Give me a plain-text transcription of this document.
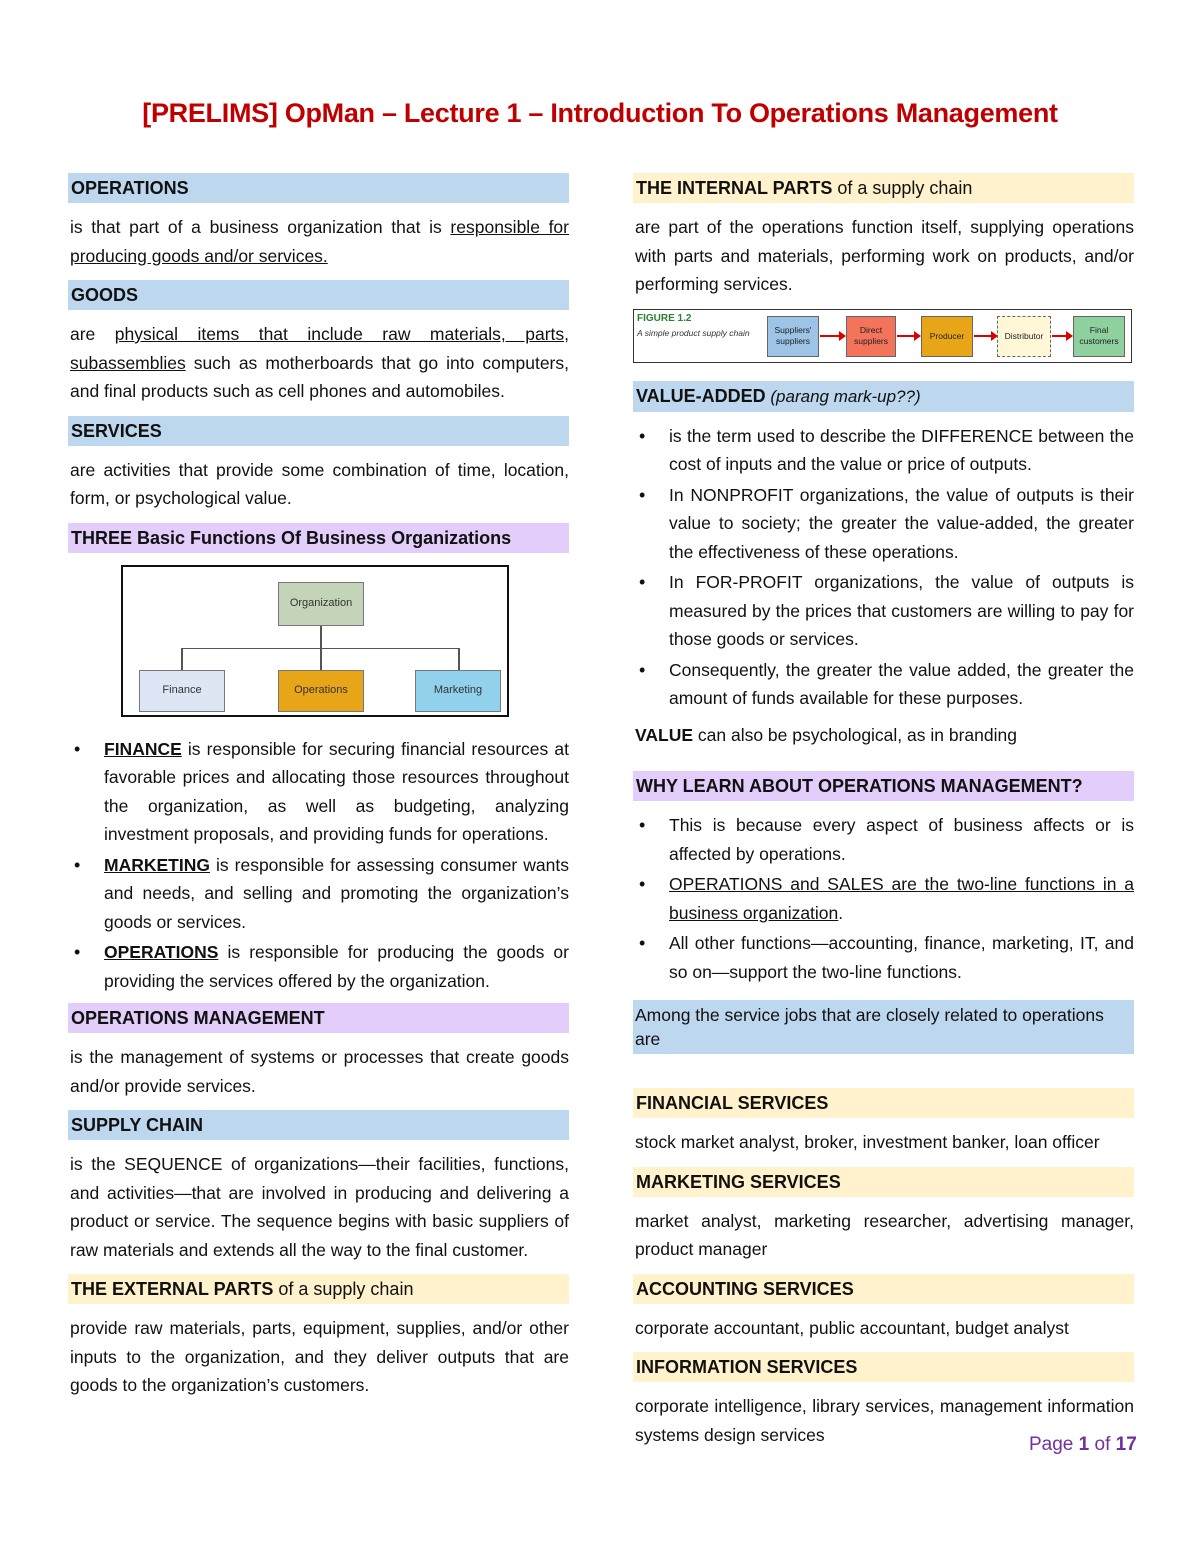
[PRELIMS] OpMan – Lecture 1 – Introduction To Operations Management
OPERATIONS

is that part of a business organization that is responsible for producing goods and/or services.

GOODS

are physical items that include raw materials, parts, subassemblies such as motherboards that go into computers, and final products such as cell phones and automobiles.

SERVICES

are activities that provide some combination of time, location, form, or psychological value.

THREE Basic Functions Of Business Organizations
Organization
Finance	Operations	Marketing
• FINANCE is responsible for securing financial resources at favorable prices and allocating those resources throughout the organization, as well as budgeting, analyzing investment proposals, and providing funds for operations.
• MARKETING is responsible for assessing consumer wants and needs, and selling and promoting the organization’s goods or services.
• OPERATIONS is responsible for producing the goods or providing the services offered by the organization.
OPERATIONS MANAGEMENT

is the management of systems or processes that create goods and/or provide services.

SUPPLY CHAIN

is the SEQUENCE of organizations—their facilities, functions, and activities—that are involved in producing and delivering a product or service. The sequence begins with basic suppliers of raw materials and extends all the way to the final customer.

THE EXTERNAL PARTS of a supply chain

provide raw materials, parts, equipment, supplies, and/or other inputs to the organization, and they deliver outputs that are goods to the organization’s customers.

THE INTERNAL PARTS of a supply chain

are part of the operations function itself, supplying operations with parts and materials, performing work on products, and/or performing services.

FIGURE 1.2
A simple product supply chain	Suppliers' suppliers
Direct suppliers
Producer	Distributor
Final customers
VALUE-ADDED (parang mark-up??)
• is the term used to describe the DIFFERENCE between the cost of inputs and the value or price of outputs.
• In NONPROFIT organizations, the value of outputs is their value to society; the greater the value-added, the greater the effectiveness of these operations.
• In FOR-PROFIT organizations, the value of outputs is measured by the prices that customers are willing to pay for those goods or services.
• Consequently, the greater the value added, the greater the amount of funds available for these purposes.

VALUE can also be psychological, as in branding

WHY LEARN ABOUT OPERATIONS MANAGEMENT?
• This is because every aspect of business affects or is affected by operations.
• OPERATIONS and SALES are the two-line functions in a business organization.
• All other functions—accounting, finance, marketing, IT, and so on—support the two-line functions.
Among the service jobs that are closely related to operations are
FINANCIAL SERVICES

stock market analyst, broker, investment banker, loan officer

MARKETING SERVICES

market analyst, marketing researcher, advertising manager, product manager

ACCOUNTING SERVICES

corporate accountant, public accountant, budget analyst

INFORMATION SERVICES

corporate intelligence, library services, management information systems design services	Page 1 of 17
